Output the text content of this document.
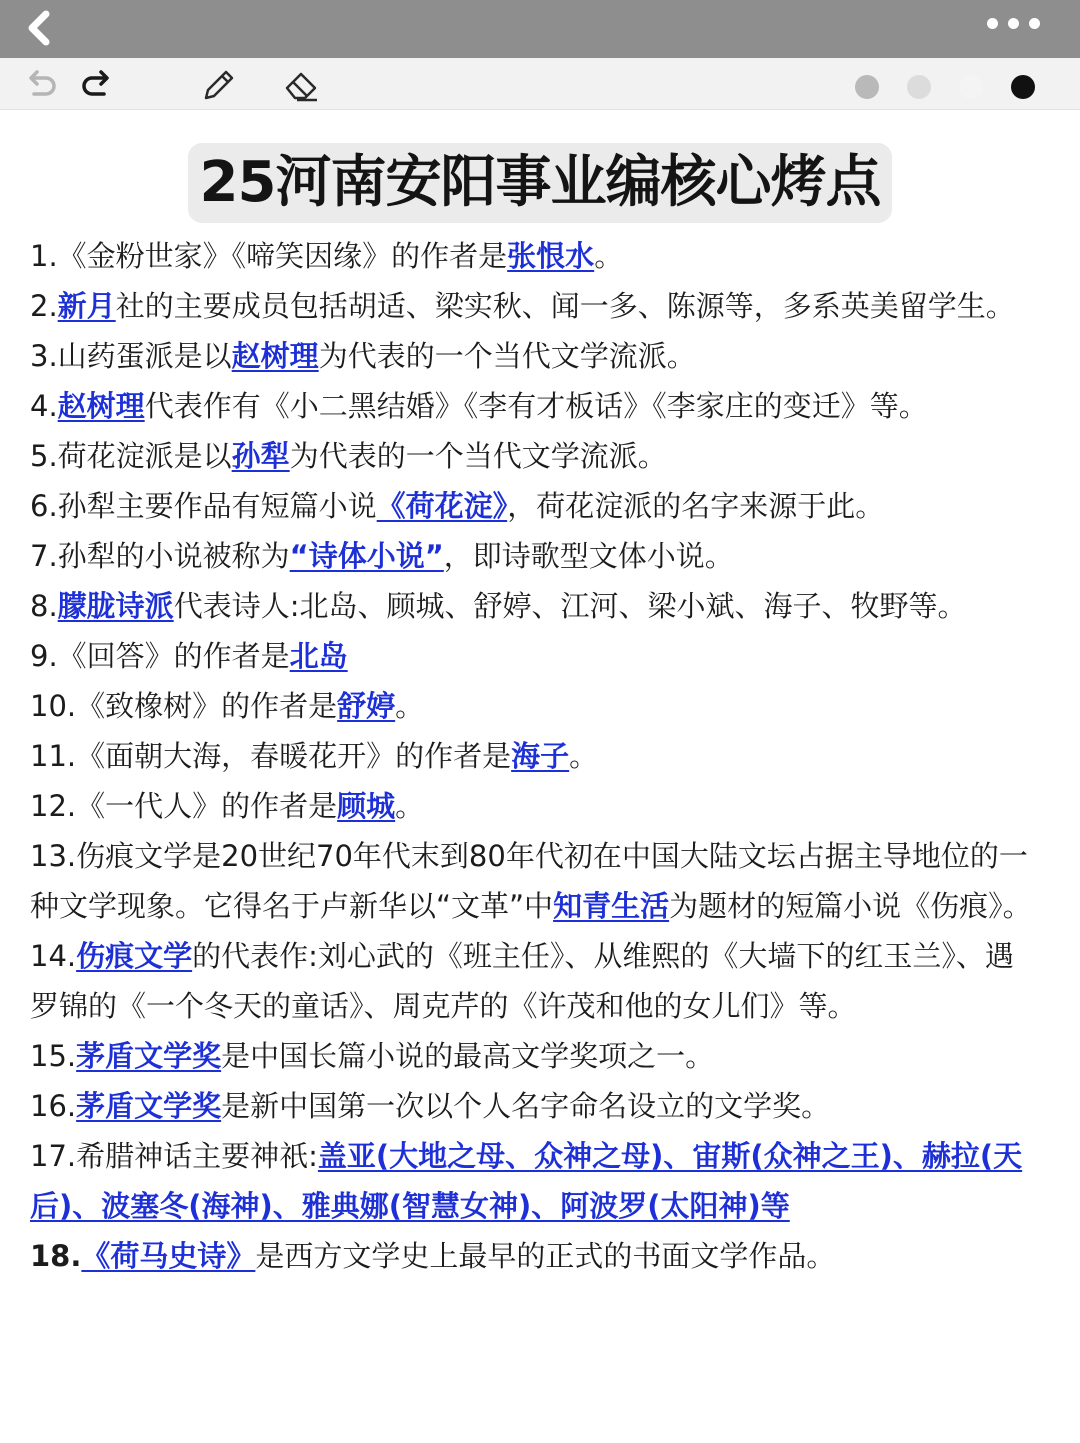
25河南安阳事业编核心烤点
1.《金粉世家》《啼笑因缘》的作者是张恨水。
2.新月社的主要成员包括胡适、梁实秋、闻一多、陈源等，多系英美留学生。
3.山药蛋派是以赵树理为代表的一个当代文学流派。
4.赵树理代表作有《小二黑结婚》《李有才板话》《李家庄的变迁》等。
5.荷花淀派是以孙犁为代表的一个当代文学流派。
6.孙犁主要作品有短篇小说《荷花淀》，荷花淀派的名字来源于此。
7.孙犁的小说被称为“诗体小说”，即诗歌型文体小说。
8.朦胧诗派代表诗人:北岛、顾城、舒婷、江河、梁小斌、海子、牧野等。
9.《回答》的作者是北岛
10.《致橡树》的作者是舒婷。
11.《面朝大海，春暖花开》的作者是海子。
12.《一代人》的作者是顾城。
13.伤痕文学是20世纪70年代末到80年代初在中国大陆文坛占据主导地位的一种文学现象。它得名于卢新华以“文革”中知青生活为题材的短篇小说《伤痕》。
14.伤痕文学的代表作:刘心武的《班主任》、从维熙的《大墙下的红玉兰》、遇罗锦的《一个冬天的童话》、周克芹的《许茂和他的女儿们》等。
15.茅盾文学奖是中国长篇小说的最高文学奖项之一。
16.茅盾文学奖是新中国第一次以个人名字命名设立的文学奖。
17.希腊神话主要神祇:盖亚(大地之母、众神之母)、宙斯(众神之王)、赫拉(天后)、波塞冬(海神)、雅典娜(智慧女神)、阿波罗(太阳神)等
18.《荷马史诗》是西方文学史上最早的正式的书面文学作品。
